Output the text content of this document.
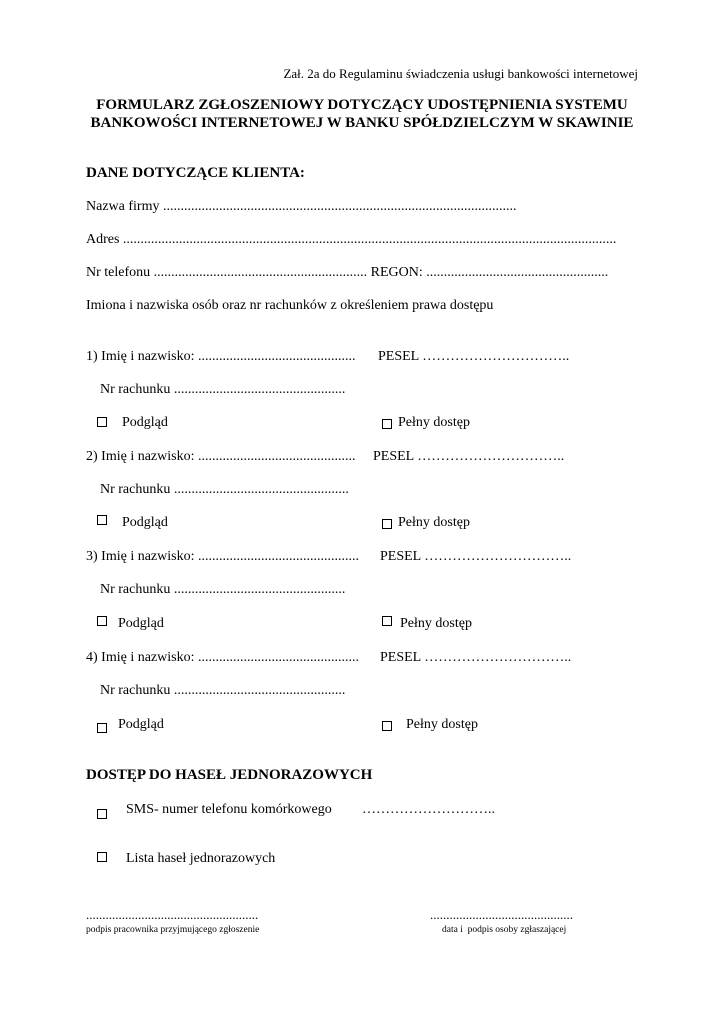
Zał. 2a do Regulaminu świadczenia usługi bankowości internetowej
FORMULARZ ZGŁOSZENIOWY DOTYCZĄCY UDOSTĘPNIENIA SYSTEMU
BANKOWOŚCI INTERNETOWEJ W BANKU SPÓŁDZIELCZYM W SKAWINIE
DANE DOTYCZĄCE KLIENTA:
Nazwa firmy .....................................................................................................
Adres .............................................................................................................................................
Nr telefonu ............................................................. REGON: ....................................................
Imiona i nazwiska osób oraz nr rachunków z określeniem prawa dostępu
1) Imię i nazwisko: ............................................. PESEL …………………………..
Nr rachunku .................................................
Podgląd	Pełny dostęp
2) Imię i nazwisko: ............................................. PESEL …………………………..
Nr rachunku ..................................................
Podgląd	Pełny dostęp
3) Imię i nazwisko: .............................................. PESEL …………………………..
Nr rachunku .................................................
Podgląd	Pełny dostęp
4) Imię i nazwisko: .............................................. PESEL …………………………..
Nr rachunku .................................................
Podgląd	Pełny dostęp
DOSTĘP DO HASEŁ JEDNORAZOWYCH
SMS- numer telefonu komórkowego ………………………..
Lista haseł jednorazowych
.....................................................
podpis pracownika przyjmującego zgłoszenie
............................................
data i  podpis osoby zgłaszającej
